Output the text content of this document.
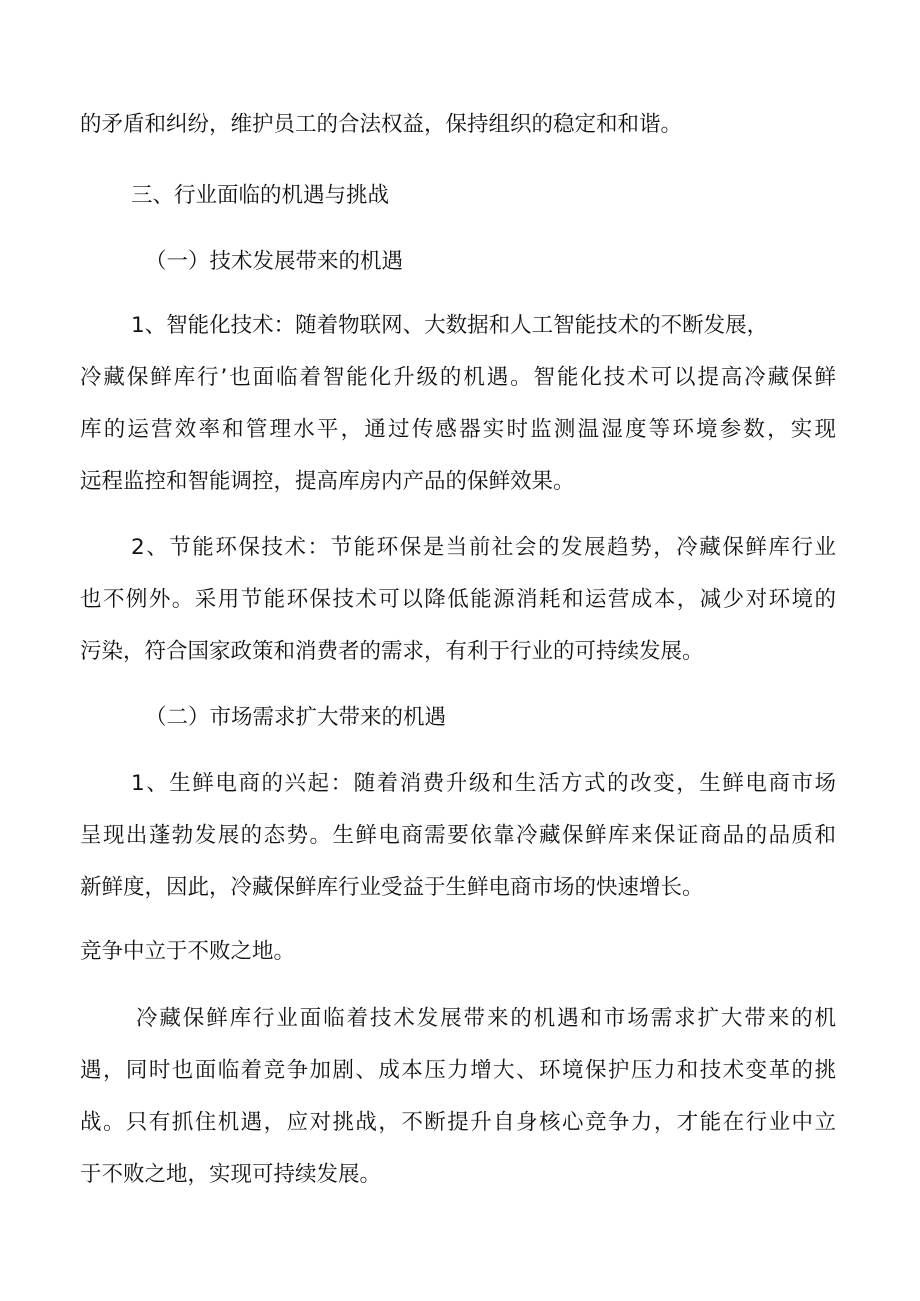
的矛盾和纠纷，维护员工的合法权益，保持组织的稳定和和谐。
三、行业面临的机遇与挑战
（一）技术发展带来的机遇
1、智能化技术：随着物联网、大数据和人工智能技术的不断发展，
冷藏保鲜库行’也面临着智能化升级的机遇。智能化技术可以提高冷藏保鲜
库的运营效率和管理水平，通过传感器实时监测温湿度等环境参数，实现
远程监控和智能调控，提高库房内产品的保鲜效果。
2、节能环保技术：节能环保是当前社会的发展趋势，冷藏保鲜库行业
也不例外。采用节能环保技术可以降低能源消耗和运营成本，减少对环境的
污染，符合国家政策和消费者的需求，有利于行业的可持续发展。
（二）市场需求扩大带来的机遇
1、生鲜电商的兴起：随着消费升级和生活方式的改变，生鲜电商市场
呈现出蓬勃发展的态势。生鲜电商需要依靠冷藏保鲜库来保证商品的品质和
新鲜度，因此，冷藏保鲜库行业受益于生鲜电商市场的快速增长。
竞争中立于不败之地。
冷藏保鲜库行业面临着技术发展带来的机遇和市场需求扩大带来的机
遇，同时也面临着竞争加剧、成本压力增大、环境保护压力和技术变革的挑
战。只有抓住机遇，应对挑战，不断提升自身核心竞争力，才能在行业中立
于不败之地，实现可持续发展。
